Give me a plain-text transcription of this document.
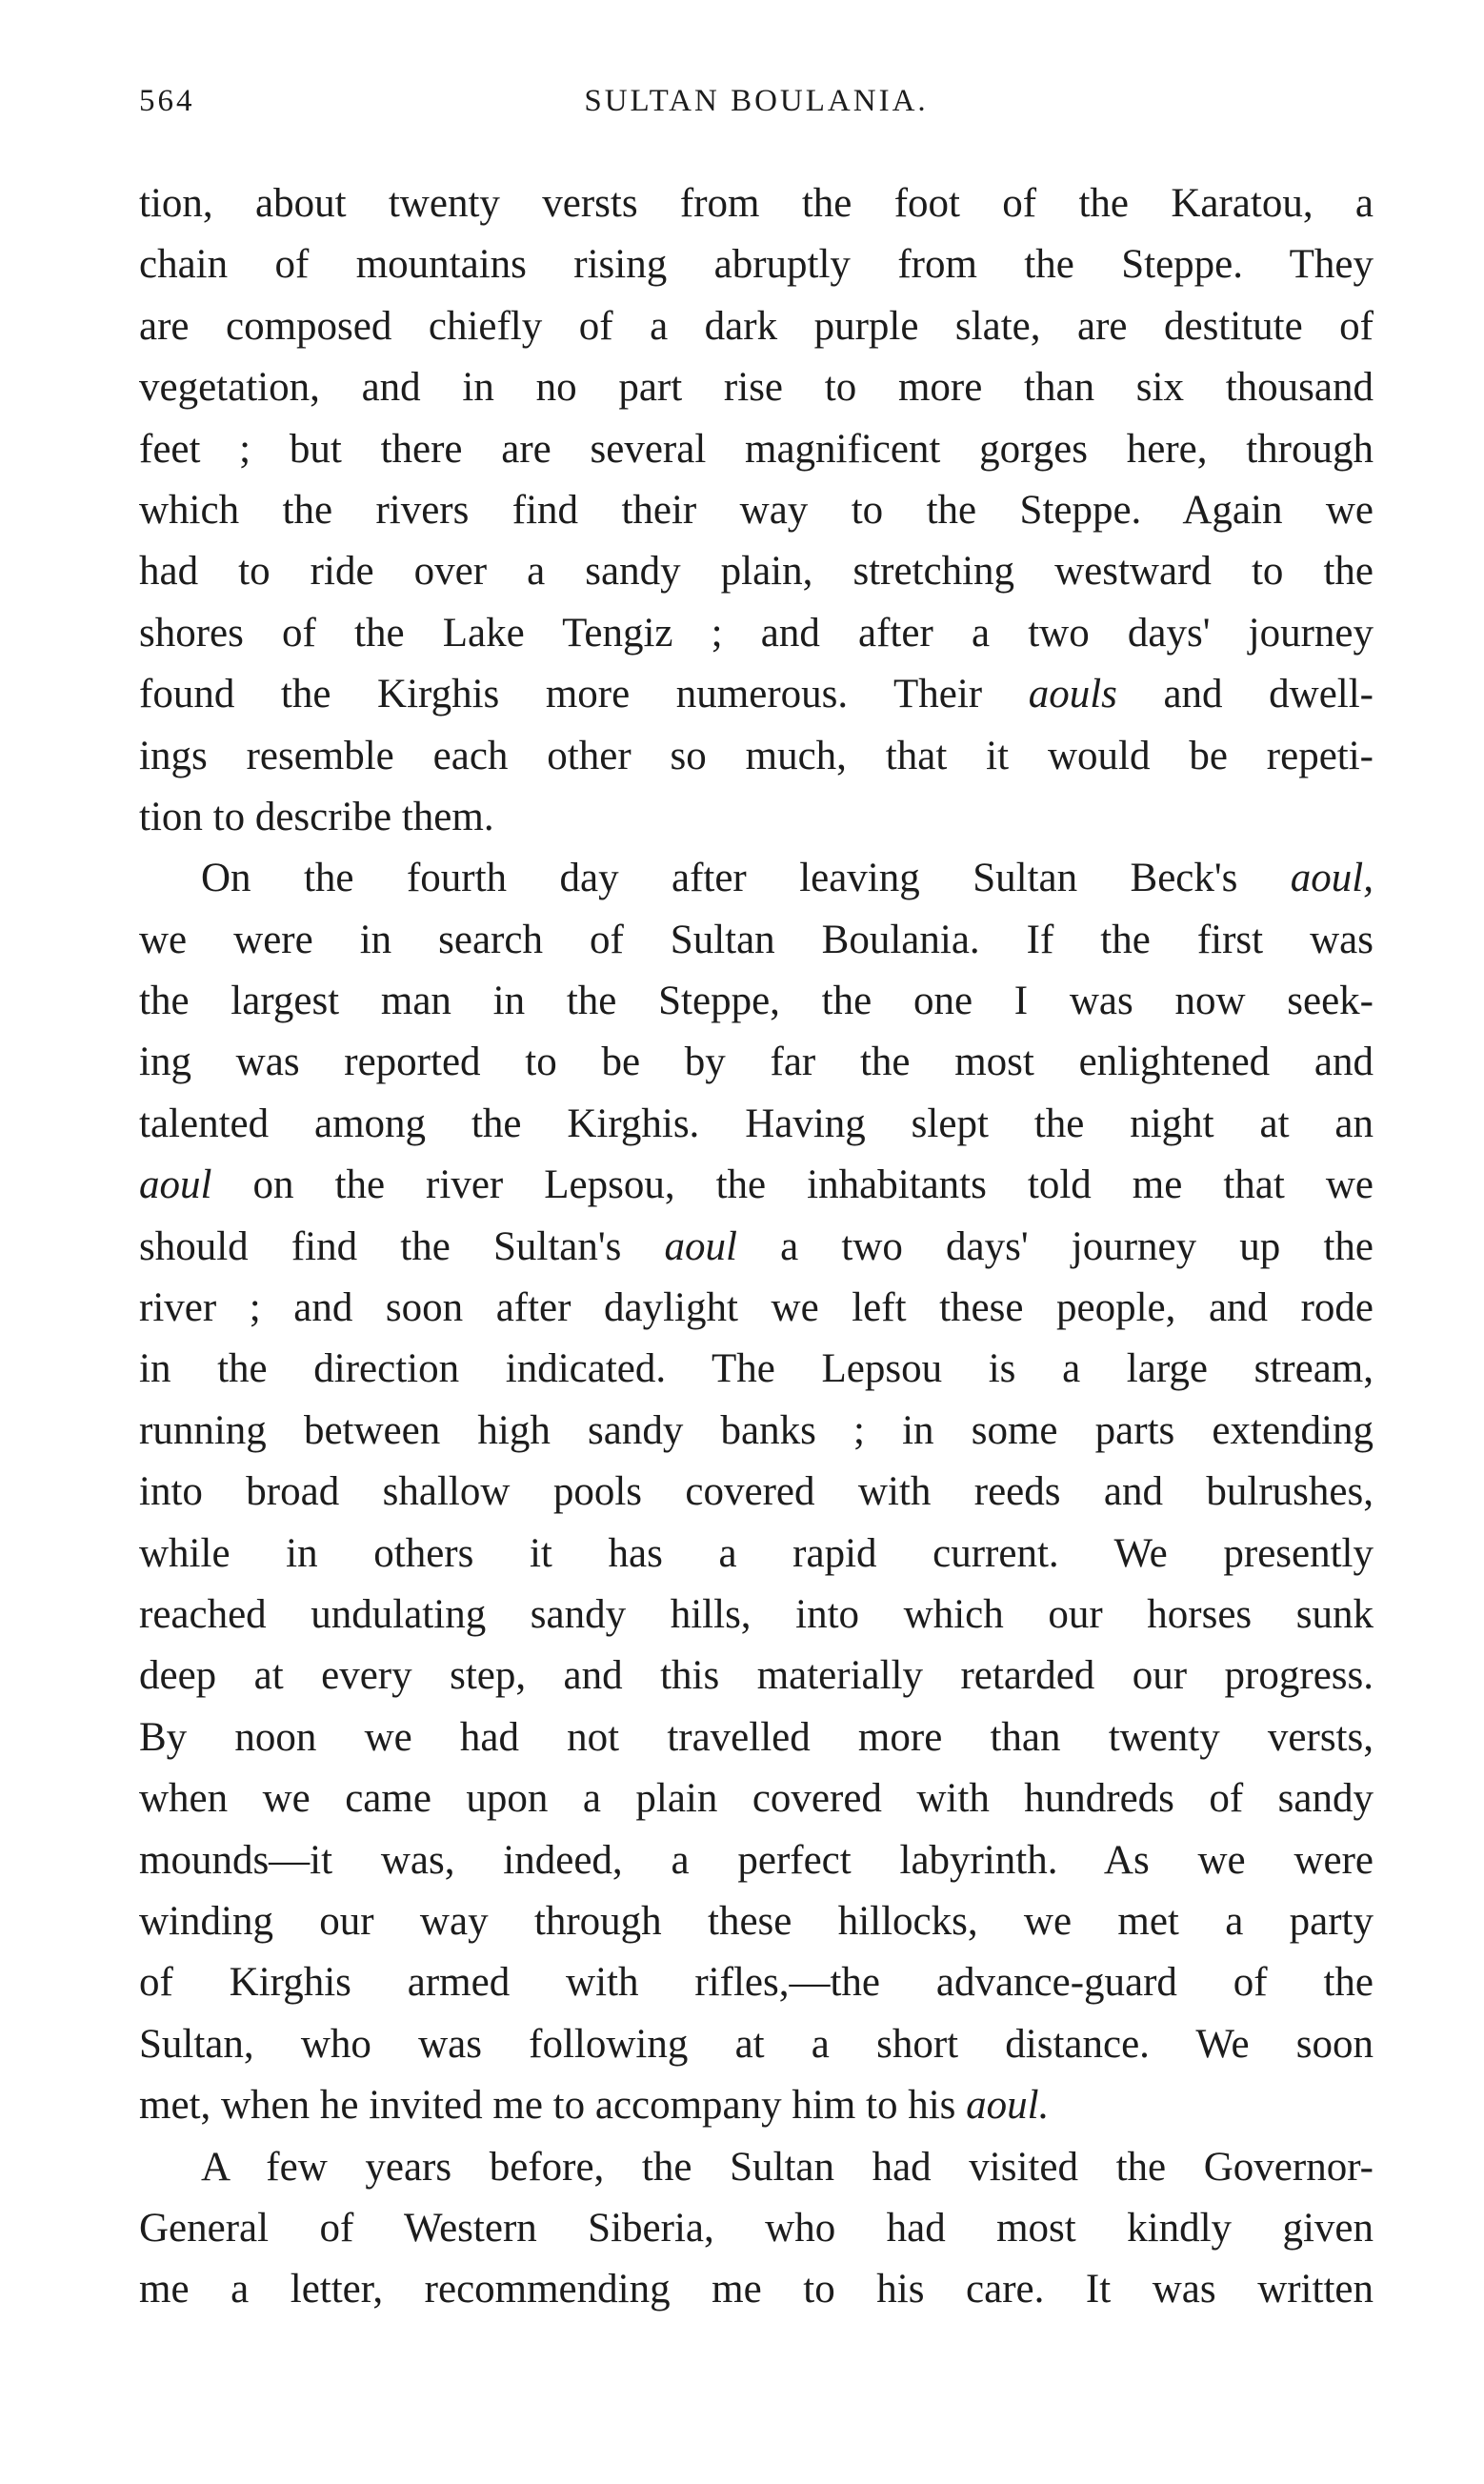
564	SULTAN BOULANIA.
tion, about twenty versts from the foot of the Karatou, a
chain of mountains rising abruptly from the Steppe. They
are composed chiefly of a dark purple slate, are destitute of
vegetation, and in no part rise to more than six thousand
feet ; but there are several magnificent gorges here, through
which the rivers find their way to the Steppe. Again we
had to ride over a sandy plain, stretching westward to the
shores of the Lake Tengiz ; and after a two days' journey
found the Kirghis more numerous. Their aouls and dwell-
ings resemble each other so much, that it would be repeti-
tion to describe them.
On the fourth day after leaving Sultan Beck's aoul,
we were in search of Sultan Boulania. If the first was
the largest man in the Steppe, the one I was now seek-
ing was reported to be by far the most enlightened and
talented among the Kirghis. Having slept the night at an
aoul on the river Lepsou, the inhabitants told me that we
should find the Sultan's aoul a two days' journey up the
river ; and soon after daylight we left these people, and rode
in the direction indicated. The Lepsou is a large stream,
running between high sandy banks ; in some parts extending
into broad shallow pools covered with reeds and bulrushes,
while in others it has a rapid current. We presently
reached undulating sandy hills, into which our horses sunk
deep at every step, and this materially retarded our progress.
By noon we had not travelled more than twenty versts,
when we came upon a plain covered with hundreds of sandy
mounds—it was, indeed, a perfect labyrinth. As we were
winding our way through these hillocks, we met a party
of Kirghis armed with rifles,—the advance-guard of the
Sultan, who was following at a short distance. We soon
met, when he invited me to accompany him to his aoul.
A few years before, the Sultan had visited the Governor-
General of Western Siberia, who had most kindly given
me a letter, recommending me to his care. It was written
